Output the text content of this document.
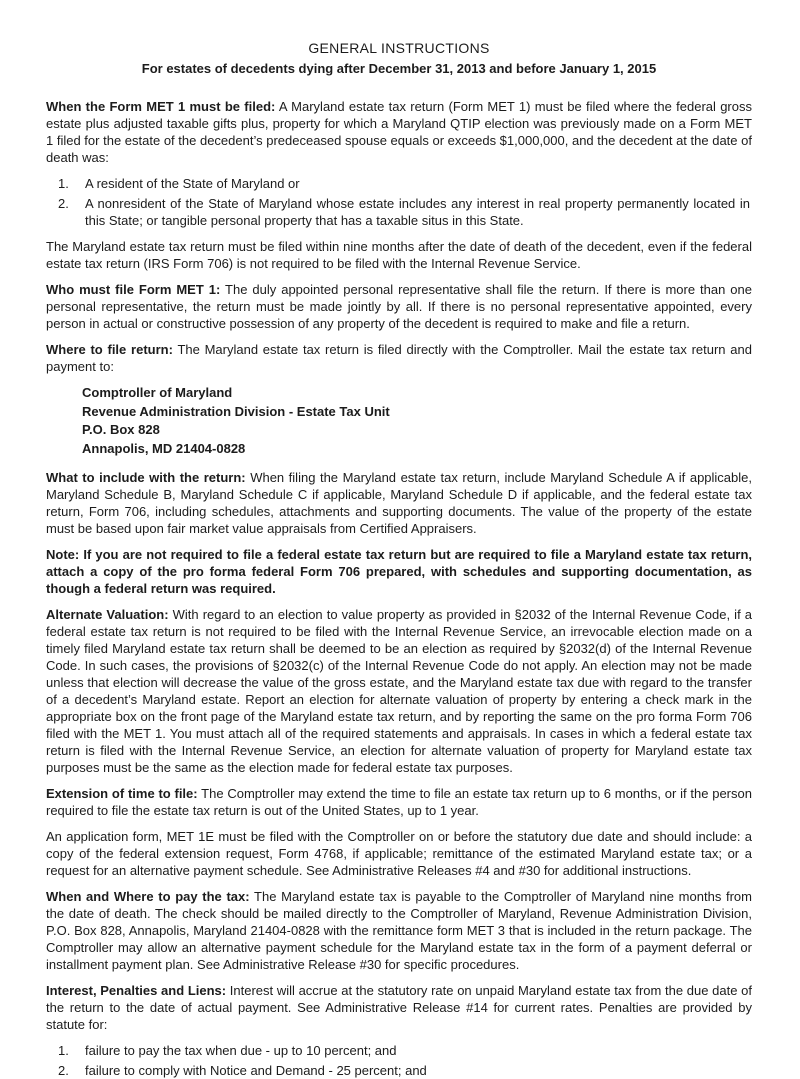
GENERAL INSTRUCTIONS
For estates of decedents dying after December 31, 2013 and before January 1, 2015

When the Form MET 1 must be filed: A Maryland estate tax return (Form MET 1) must be filed where the federal gross estate plus adjusted taxable gifts plus, property for which a Maryland QTIP election was previously made on a Form MET 1 filed for the estate of the decedent’s predeceased spouse equals or exceeds $1,000,000, and the decedent at the date of death was:

1.	A resident of the State of Maryland or
2.	A nonresident of the State of Maryland whose estate includes any interest in real property permanently located in this State; or tangible personal property that has a taxable situs in this State.

The Maryland estate tax return must be filed within nine months after the date of death of the decedent, even if the federal estate tax return (IRS Form 706) is not required to be filed with the Internal Revenue Service.

Who must file Form MET 1: The duly appointed personal representative shall file the return. If there is more than one personal representative, the return must be made jointly by all. If there is no personal representative appointed, every person in actual or constructive possession of any property of the decedent is required to make and file a return.

Where to file return: The Maryland estate tax return is filed directly with the Comptroller. Mail the estate tax return and payment to:

Comptroller of Maryland
Revenue Administration Division - Estate Tax Unit
P.O. Box 828
Annapolis, MD 21404-0828

What to include with the return: When filing the Maryland estate tax return, include Maryland Schedule A if applicable, Maryland Schedule B, Maryland Schedule C if applicable, Maryland Schedule D if applicable, and the federal estate tax return, Form 706, including schedules, attachments and supporting documents. The value of the property of the estate must be based upon fair market value appraisals from Certified Appraisers.

Note: If you are not required to file a federal estate tax return but are required to file a Maryland estate tax return, attach a copy of the pro forma federal Form 706 prepared, with schedules and supporting documentation, as though a federal return was required.

Alternate Valuation: With regard to an election to value property as provided in §2032 of the Internal Revenue Code, if a federal estate tax return is not required to be filed with the Internal Revenue Service, an irrevocable election made on a timely filed Maryland estate tax return shall be deemed to be an election as required by §2032(d) of the Internal Revenue Code. In such cases, the provisions of §2032(c) of the Internal Revenue Code do not apply. An election may not be made unless that election will decrease the value of the gross estate, and the Maryland estate tax due with regard to the transfer of a decedent’s Maryland estate. Report an election for alternate valuation of property by entering a check mark in the appropriate box on the front page of the Maryland estate tax return, and by reporting the same on the pro forma Form 706 filed with the MET 1. You must attach all of the required statements and appraisals. In cases in which a federal estate tax return is filed with the Internal Revenue Service, an election for alternate valuation of property for Maryland estate tax purposes must be the same as the election made for federal estate tax purposes.

Extension of time to file: The Comptroller may extend the time to file an estate tax return up to 6 months, or if the person required to file the estate tax return is out of the United States, up to 1 year.

An application form, MET 1E must be filed with the Comptroller on or before the statutory due date and should include: a copy of the federal extension request, Form 4768, if applicable; remittance of the estimated Maryland estate tax; or a request for an alternative payment schedule. See Administrative Releases #4 and #30 for additional instructions.

When and Where to pay the tax: The Maryland estate tax is payable to the Comptroller of Maryland nine months from the date of death. The check should be mailed directly to the Comptroller of Maryland, Revenue Administration Division, P.O. Box 828, Annapolis, Maryland 21404-0828 with the remittance form MET 3 that is included in the return package. The Comptroller may allow an alternative payment schedule for the Maryland estate tax in the form of a payment deferral or installment payment plan. See Administrative Release #30 for specific procedures.

Interest, Penalties and Liens: Interest will accrue at the statutory rate on unpaid Maryland estate tax from the due date of the return to the date of actual payment. See Administrative Release #14 for current rates. Penalties are provided by statute for:

1.	failure to pay the tax when due - up to 10 percent; and
2.	failure to comply with Notice and Demand - 25 percent; and
